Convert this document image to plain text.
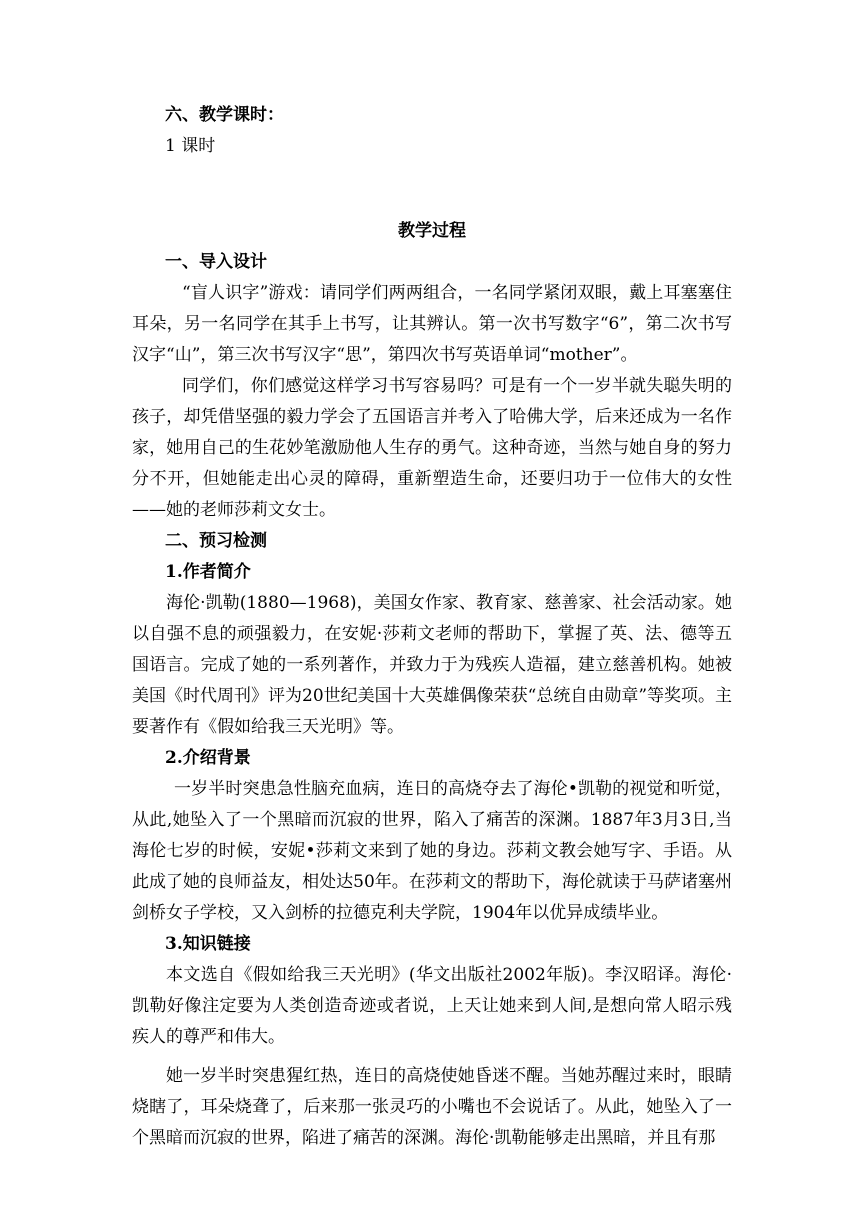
六、教学课时：

1 课时

教学过程

一、导入设计

“盲人识字”游戏：请同学们两两组合，一名同学紧闭双眼，戴上耳塞塞住耳朵，另一名同学在其手上书写，让其辨认。第一次书写数字“6”，第二次书写汉字“山”，第三次书写汉字“思”，第四次书写英语单词“mother”。

同学们，你们感觉这样学习书写容易吗？可是有一个一岁半就失聪失明的孩子，却凭借坚强的毅力学会了五国语言并考入了哈佛大学，后来还成为一名作家，她用自己的生花妙笔激励他人生存的勇气。这种奇迹，当然与她自身的努力分不开，但她能走出心灵的障碍，重新塑造生命，还要归功于一位伟大的女性——她的老师莎莉文女士。

二、预习检测

1.作者简介

海伦·凯勒(1880—1968)，美国女作家、教育家、慈善家、社会活动家。她以自强不息的顽强毅力，在安妮·莎莉文老师的帮助下，掌握了英、法、德等五国语言。完成了她的一系列著作，并致力于为残疾人造福，建立慈善机构。她被美国《时代周刊》评为20世纪美国十大英雄偶像荣获“总统自由勋章”等奖项。主要著作有《假如给我三天光明》等。

2.介绍背景

一岁半时突患急性脑充血病，连日的高烧夺去了海伦•凯勒的视觉和听觉，从此,她坠入了一个黑暗而沉寂的世界，陷入了痛苦的深渊。1887年3月3日,当海伦七岁的时候，安妮•莎莉文来到了她的身边。莎莉文教会她写字、手语。从此成了她的良师益友，相处达50年。在莎莉文的帮助下，海伦就读于马萨诸塞州剑桥女子学校，又入剑桥的拉德克利夫学院，1904年以优异成绩毕业。

3.知识链接

本文选自《假如给我三天光明》(华文出版社2002年版)。李汉昭译。海伦·凯勒好像注定要为人类创造奇迹或者说，上天让她来到人间,是想向常人昭示残疾人的尊严和伟大。

她一岁半时突患猩红热，连日的高烧使她昏迷不醒。当她苏醒过来时，眼睛烧瞎了，耳朵烧聋了，后来那一张灵巧的小嘴也不会说话了。从此，她坠入了一个黑暗而沉寂的世界，陷进了痛苦的深渊。海伦·凯勒能够走出黑暗，并且有那
